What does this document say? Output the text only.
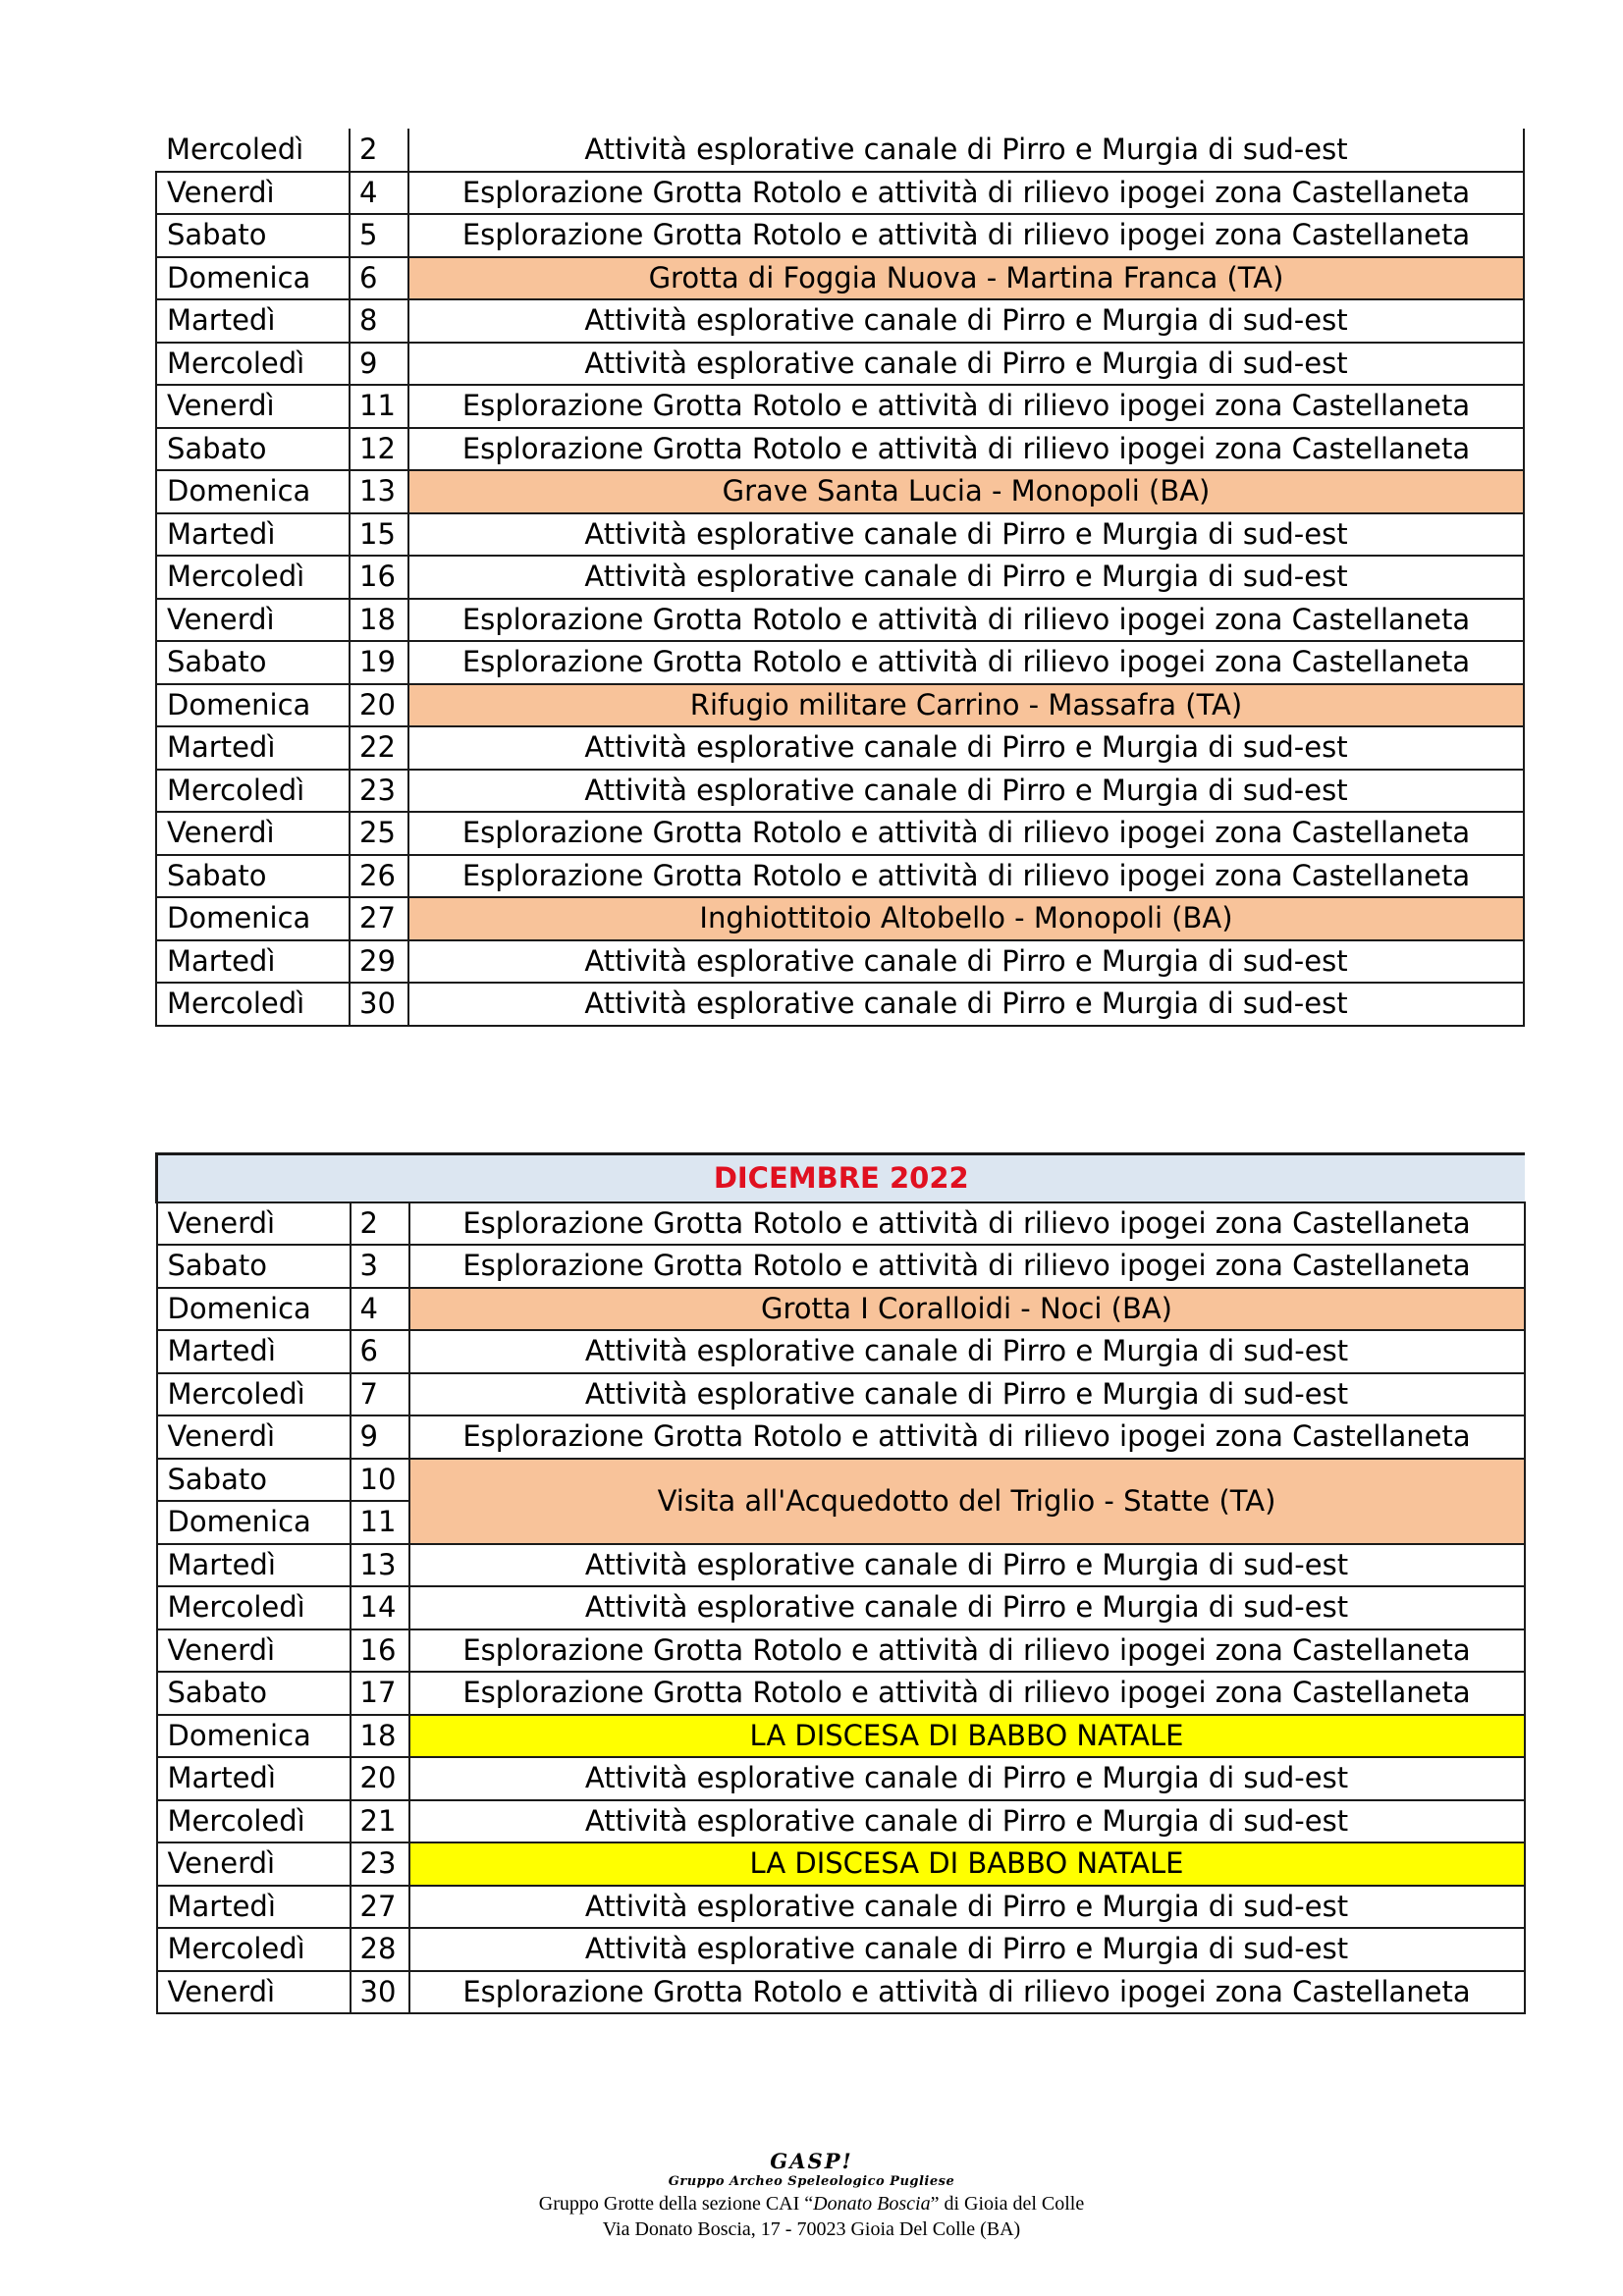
Mercoledì	2	Attività esplorative canale di Pirro e Murgia di sud-est
Venerdì	4	Esplorazione Grotta Rotolo e attività di rilievo ipogei zona Castellaneta
Sabato	5	Esplorazione Grotta Rotolo e attività di rilievo ipogei zona Castellaneta
Domenica	6	Grotta di Foggia Nuova - Martina Franca (TA)
Martedì	8	Attività esplorative canale di Pirro e Murgia di sud-est
Mercoledì	9	Attività esplorative canale di Pirro e Murgia di sud-est
Venerdì	11	Esplorazione Grotta Rotolo e attività di rilievo ipogei zona Castellaneta
Sabato	12	Esplorazione Grotta Rotolo e attività di rilievo ipogei zona Castellaneta
Domenica	13	Grave Santa Lucia - Monopoli (BA)
Martedì	15	Attività esplorative canale di Pirro e Murgia di sud-est
Mercoledì	16	Attività esplorative canale di Pirro e Murgia di sud-est
Venerdì	18	Esplorazione Grotta Rotolo e attività di rilievo ipogei zona Castellaneta
Sabato	19	Esplorazione Grotta Rotolo e attività di rilievo ipogei zona Castellaneta
Domenica	20	Rifugio militare Carrino - Massafra (TA)
Martedì	22	Attività esplorative canale di Pirro e Murgia di sud-est
Mercoledì	23	Attività esplorative canale di Pirro e Murgia di sud-est
Venerdì	25	Esplorazione Grotta Rotolo e attività di rilievo ipogei zona Castellaneta
Sabato	26	Esplorazione Grotta Rotolo e attività di rilievo ipogei zona Castellaneta
Domenica	27	Inghiottitoio Altobello - Monopoli (BA)
Martedì	29	Attività esplorative canale di Pirro e Murgia di sud-est
Mercoledì	30	Attività esplorative canale di Pirro e Murgia di sud-est
DICEMBRE 2022		
Venerdì	2	Esplorazione Grotta Rotolo e attività di rilievo ipogei zona Castellaneta
Sabato	3	Esplorazione Grotta Rotolo e attività di rilievo ipogei zona Castellaneta
Domenica	4	Grotta I Coralloidi - Noci (BA)
Martedì	6	Attività esplorative canale di Pirro e Murgia di sud-est
Mercoledì	7	Attività esplorative canale di Pirro e Murgia di sud-est
Venerdì	9	Esplorazione Grotta Rotolo e attività di rilievo ipogei zona Castellaneta
Sabato	10	Visita all'Acquedotto del Triglio - Statte (TA)
Domenica	11	
Martedì	13	Attività esplorative canale di Pirro e Murgia di sud-est
Mercoledì	14	Attività esplorative canale di Pirro e Murgia di sud-est
Venerdì	16	Esplorazione Grotta Rotolo e attività di rilievo ipogei zona Castellaneta
Sabato	17	Esplorazione Grotta Rotolo e attività di rilievo ipogei zona Castellaneta
Domenica	18	LA DISCESA DI BABBO NATALE
Martedì	20	Attività esplorative canale di Pirro e Murgia di sud-est
Mercoledì	21	Attività esplorative canale di Pirro e Murgia di sud-est
Venerdì	23	LA DISCESA DI BABBO NATALE
Martedì	27	Attività esplorative canale di Pirro e Murgia di sud-est
Mercoledì	28	Attività esplorative canale di Pirro e Murgia di sud-est
Venerdì	30	Esplorazione Grotta Rotolo e attività di rilievo ipogei zona Castellaneta
GASP!
Gruppo Archeo Speleologico Pugliese
Gruppo Grotte della sezione CAI “Donato Boscia” di Gioia del Colle
Via Donato Boscia, 17 - 70023 Gioia Del Colle (BA)
